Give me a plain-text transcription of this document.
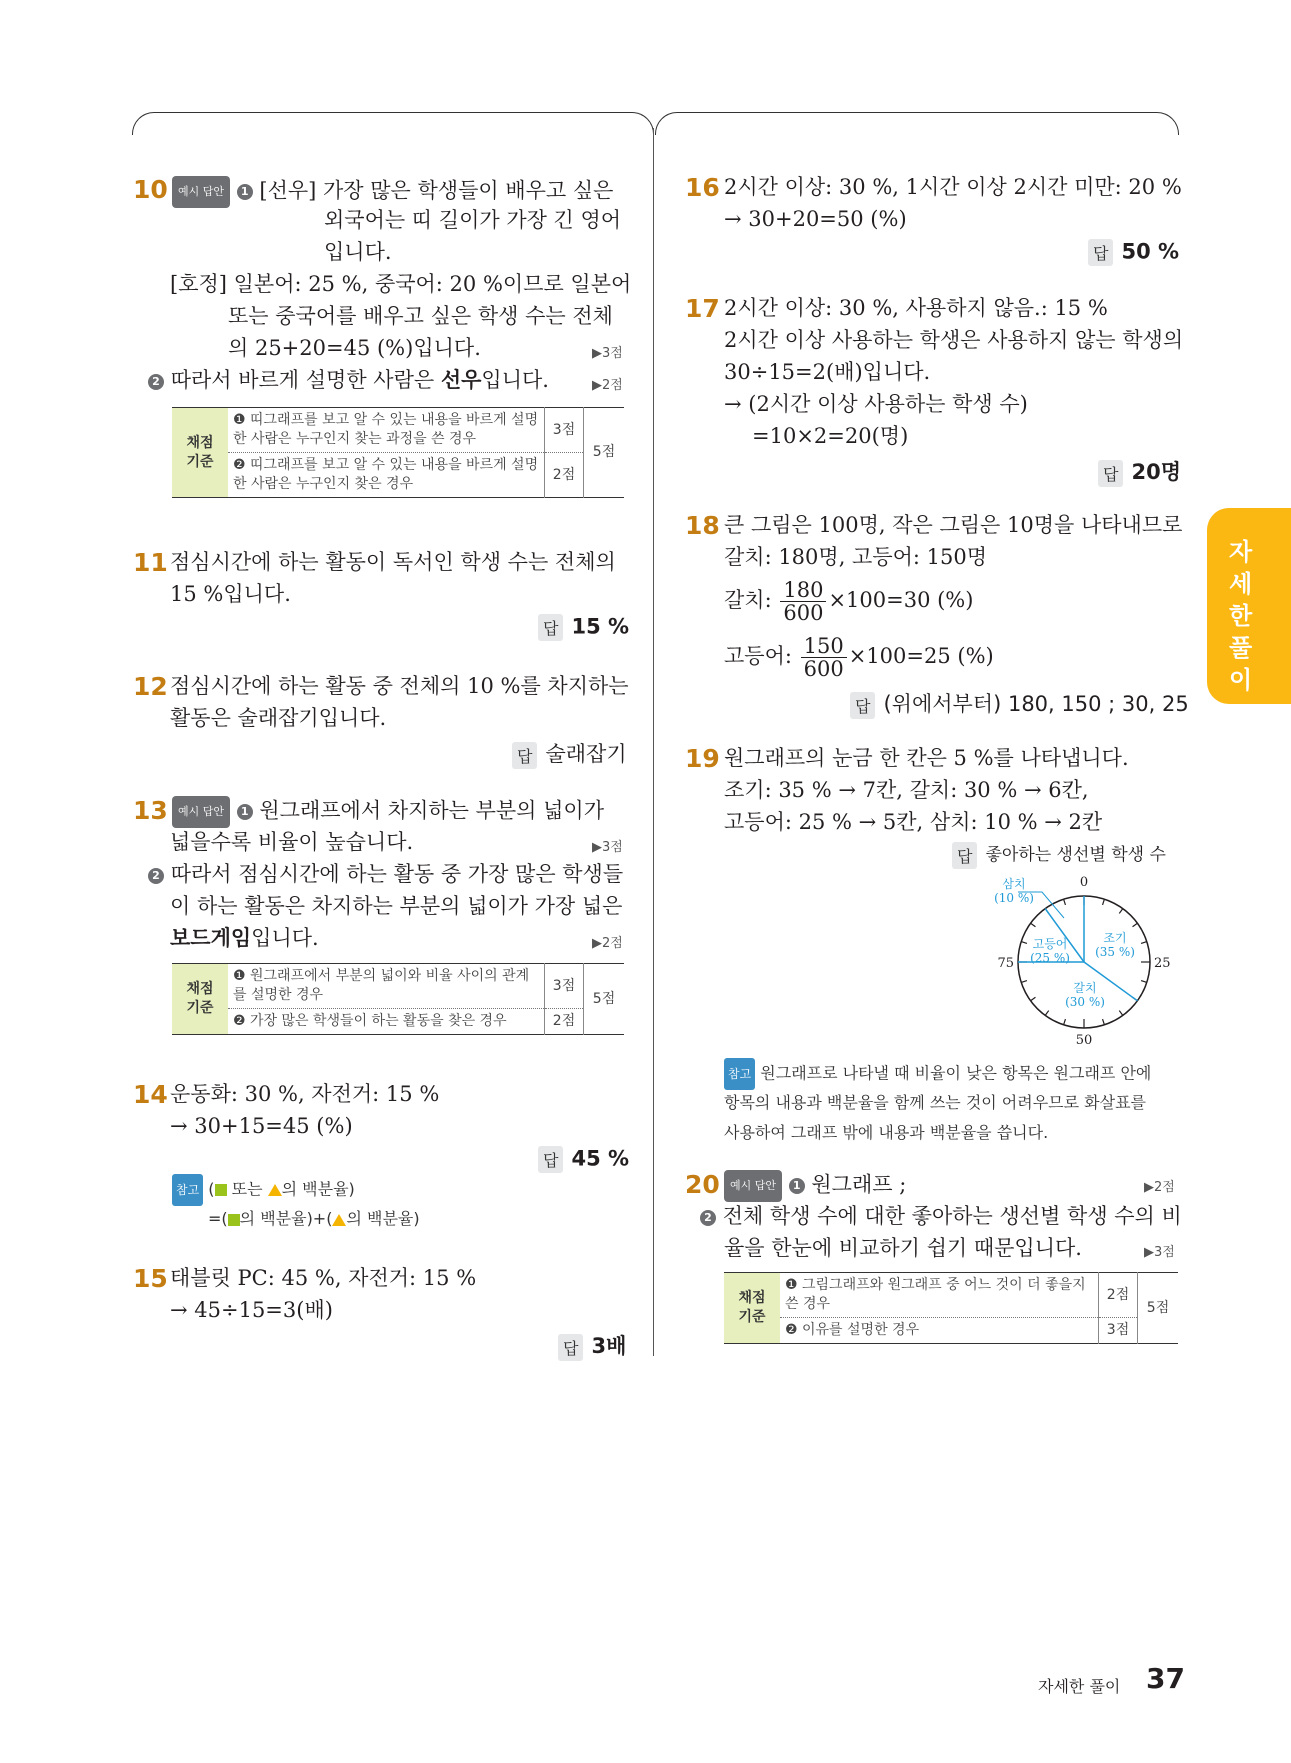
10 예시 답안 1 [선우] 가장 많은 학생들이 배우고 싶은
외국어는 띠 길이가 가장 긴 영어
입니다.
[호정] 일본어: 25 %, 중국어: 20 %이므로 일본어
또는 중국어를 배우고 싶은 학생 수는 전체
의 25+20=45 (%)입니다.	▶3점
2 따라서 바르게 설명한 사람은 선우입니다.	▶2점
채점
기준	❶ 띠그래프를 보고 알 수 있는 내용을 바르게 설명한 사람은 누구인지 찾는 과정을 쓴 경우	3점	5점
	❷ 띠그래프를 보고 알 수 있는 내용을 바르게 설명한 사람은 누구인지 찾은 경우	2점	
11 점심시간에 하는 활동이 독서인 학생 수는 전체의
15 %입니다.
답 15 %
12 점심시간에 하는 활동 중 전체의 10 %를 차지하는
활동은 술래잡기입니다.
답 술래잡기
13 예시 답안 1 원그래프에서 차지하는 부분의 넓이가
넓을수록 비율이 높습니다.	▶3점
2 따라서 점심시간에 하는 활동 중 가장 많은 학생들
이 하는 활동은 차지하는 부분의 넓이가 가장 넓은
보드게임입니다.	▶2점
채점
기준	❶ 원그래프에서 부분의 넓이와 비율 사이의 관계를 설명한 경우	3점	5점
	❷ 가장 많은 학생들이 하는 활동을 찾은 경우	2점	
14 운동화: 30 %, 자전거: 15 %
→ 30+15=45 (%)
답 45 %
참고 ( 또는 의 백분율)
=( 의 백분율)+( 의 백분율)
15 태블릿 PC: 45 %, 자전거: 15 %
→ 45÷15=3(배)
답 3배
16 2시간 이상: 30 %, 1시간 이상 2시간 미만: 20 %
→ 30+20=50 (%)
답 50 %
17 2시간 이상: 30 %, 사용하지 않음.: 15 %
2시간 이상 사용하는 학생은 사용하지 않는 학생의
30÷15=2(배)입니다.
→ (2시간 이상 사용하는 학생 수)
=10×2=20(명)
답 20명
18 큰 그림은 100명, 작은 그림은 10명을 나타내므로
갈치: 180명, 고등어: 150명
갈치: $\frac{180}{600} \times 100=30$ (%)
고등어: $\frac{150}{600} \times 100=25$ (%)
답 (위에서부터) 180, 150 ; 30, 25
19 원그래프의 눈금 한 칸은 5 %를 나타냅니다.
조기: 35 % → 7칸, 갈치: 30 % → 6칸,
고등어: 25 % → 5칸, 삼치: 10 % → 2칸
답 좋아하는 생선별 학생 수
0
25
50
75
조기
(35 %)
갈치
(30 %)
고등어
(25 %)
삼치
(10 %)
참고 원그래프로 나타낼 때 비율이 낮은 항목은 원그래프 안에
항목의 내용과 백분율을 함께 쓰는 것이 어려우므로 화살표를
사용하여 그래프 밖에 내용과 백분율을 씁니다.
20 예시 답안 1 원그래프 ;	▶2점
2 전체 학생 수에 대한 좋아하는 생선별 학생 수의 비
율을 한눈에 비교하기 쉽기 때문입니다.	▶3점
채점
기준	❶ 그림그래프와 원그래프 중 어느 것이 더 좋을지 쓴 경우	2점	5점
	❷ 이유를 설명한 경우	3점	
자
세
한
풀
이
자세한 풀이 37
